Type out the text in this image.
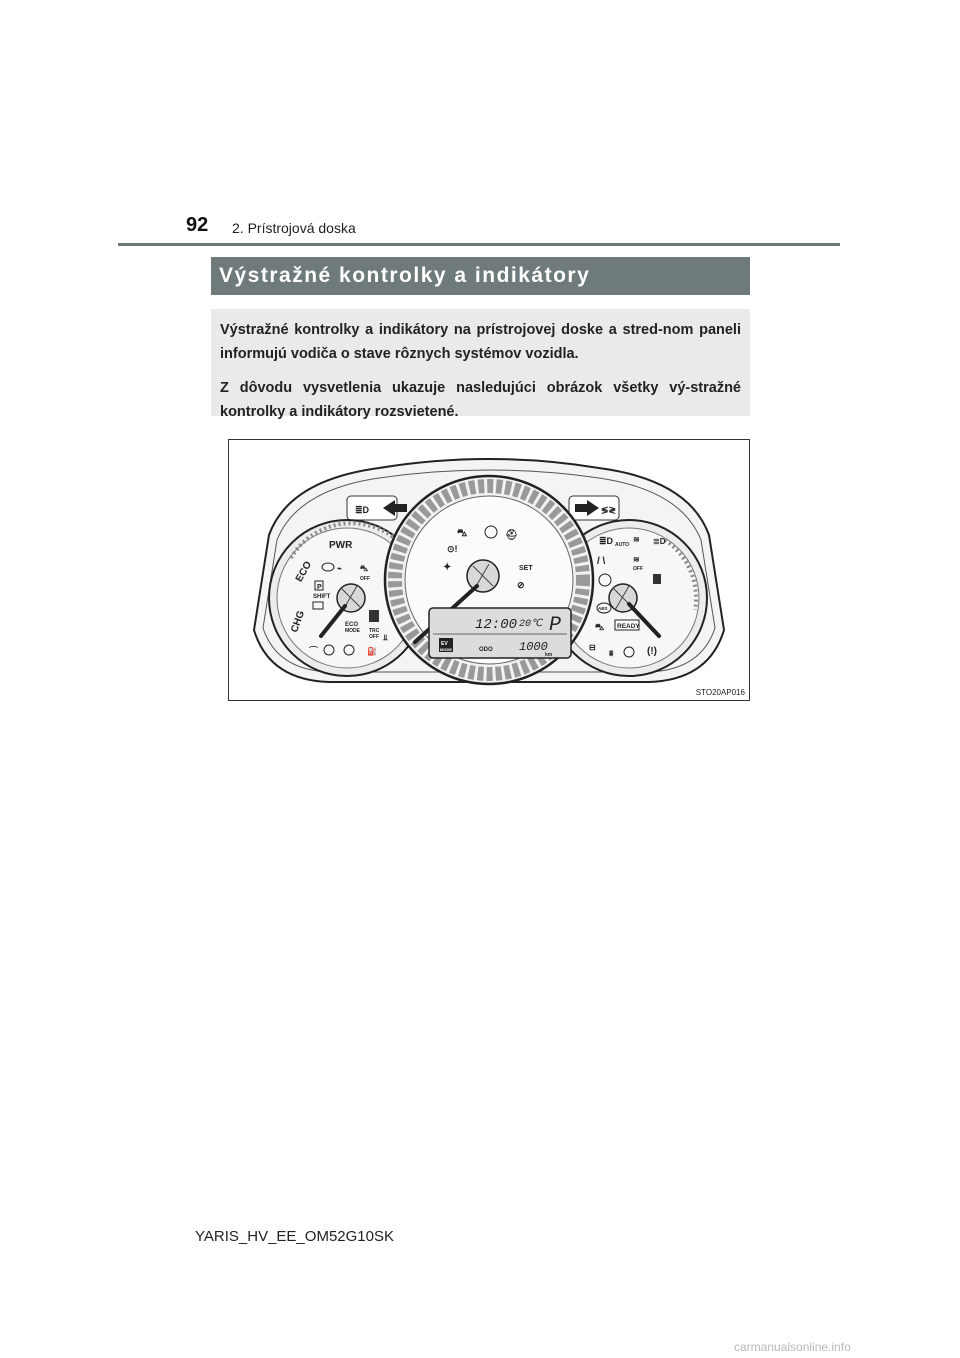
92 2. Prístrojová doska
Výstražné kontrolky a indikátory

Výstražné kontrolky a indikátory na prístrojovej doske a stred-nom paneli informujú vodiča o stave rôznych systémov vozidla.

Z dôvodu vysvetlenia ukazuje nasledujúci obrázok všetky vý-stražné kontrolky a indikátory rozsvietené.

≣D	≶≷
PWR
ECO
CHG
SHIFT
P
⌁ ⛍
OFF
ECO
MODE TRC
OFF ⫫
⛽
⌒
≣D AUTO
≋ ≣D
/ \	≋
OFF
ABS
⛍ READY
⊟
⩩	(!)
⛍	⛑
⊙!
✦	SET
⊘
12:00 20℃ P
EV
MODE	ODO 1000
km
STO20AP016
YARIS_HV_EE_OM52G10SK
carmanualsonline.info
